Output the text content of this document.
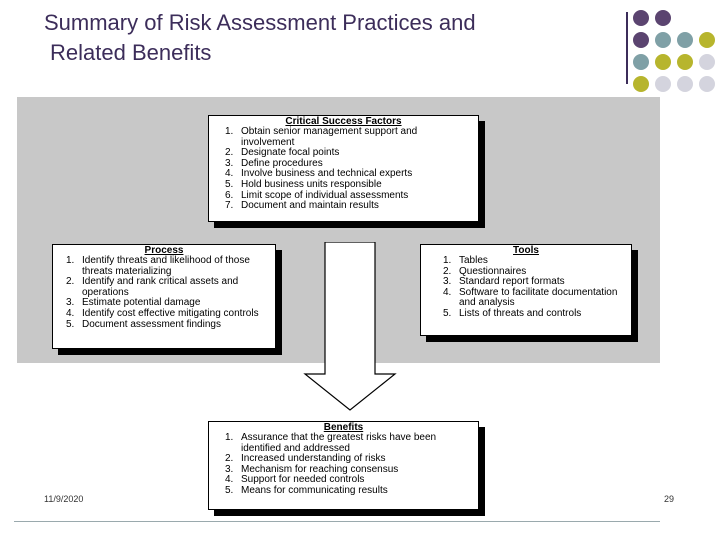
Summary of Risk Assessment Practices and
Related Benefits
Critical Success Factors
1. Obtain senior management support and involvement
2. Designate focal points
3. Define procedures
4. Involve business and technical experts
5. Hold business units responsible
6. Limit scope of individual assessments
7. Document and maintain results
Process
1. Identify threats and likelihood of those threats materializing
2. Identify and rank critical assets and operations
3. Estimate potential damage
4. Identify cost effective mitigating controls
5. Document assessment findings
Tools
1. Tables
2. Questionnaires
3. Standard report formats
4. Software to facilitate documentation and analysis
5. Lists of threats and controls
Benefits
1. Assurance that the greatest risks have been identified and addressed
2. Increased understanding of risks
3. Mechanism for reaching consensus
4. Support for needed controls
5. Means for communicating results
11/9/2020	29
